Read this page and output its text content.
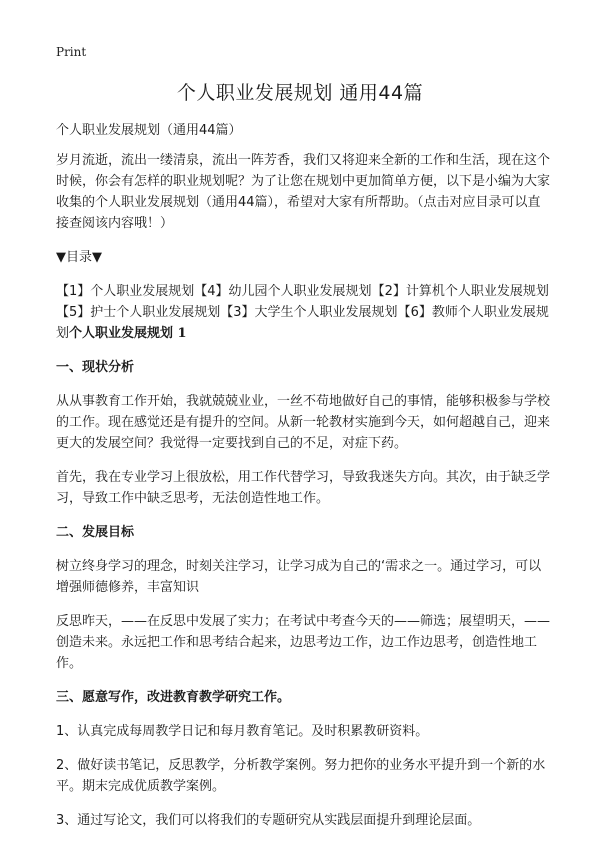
Print
个人职业发展规划 通用44篇

个人职业发展规划（通用44篇）

岁月流逝，流出一缕清泉，流出一阵芳香，我们又将迎来全新的工作和生活，现在这个时候，你会有怎样的职业规划呢？为了让您在规划中更加简单方便，以下是小编为大家收集的个人职业发展规划（通用44篇），希望对大家有所帮助。（点击对应目录可以直接查阅该内容哦！）

▼目录▼

【1】个人职业发展规划【4】幼儿园个人职业发展规划【2】计算机个人职业发展规划【5】护士个人职业发展规划【3】大学生个人职业发展规划【6】教师个人职业发展规划个人职业发展规划 1

一、现状分析

从从事教育工作开始，我就兢兢业业，一丝不苟地做好自己的事情，能够积极参与学校的工作。现在感觉还是有提升的空间。从新一轮教材实施到今天，如何超越自己，迎来更大的发展空间？我觉得一定要找到自己的不足，对症下药。

首先，我在专业学习上很放松，用工作代替学习，导致我迷失方向。其次，由于缺乏学习，导致工作中缺乏思考，无法创造性地工作。

二、发展目标

树立终身学习的理念，时刻关注学习，让学习成为自己的‘需求之一。通过学习，可以增强师德修养，丰富知识

反思昨天，——在反思中发展了实力；在考试中考查今天的——筛选；展望明天，——创造未来。永远把工作和思考结合起来，边思考边工作，边工作边思考，创造性地工作。

三、愿意写作，改进教育教学研究工作。

1、认真完成每周教学日记和每月教育笔记。及时积累教研资料。

2、做好读书笔记，反思教学，分析教学案例。努力把你的业务水平提升到一个新的水平。期末完成优质教学案例。

3、通过写论文，我们可以将我们的专题研究从实践层面提升到理论层面。
